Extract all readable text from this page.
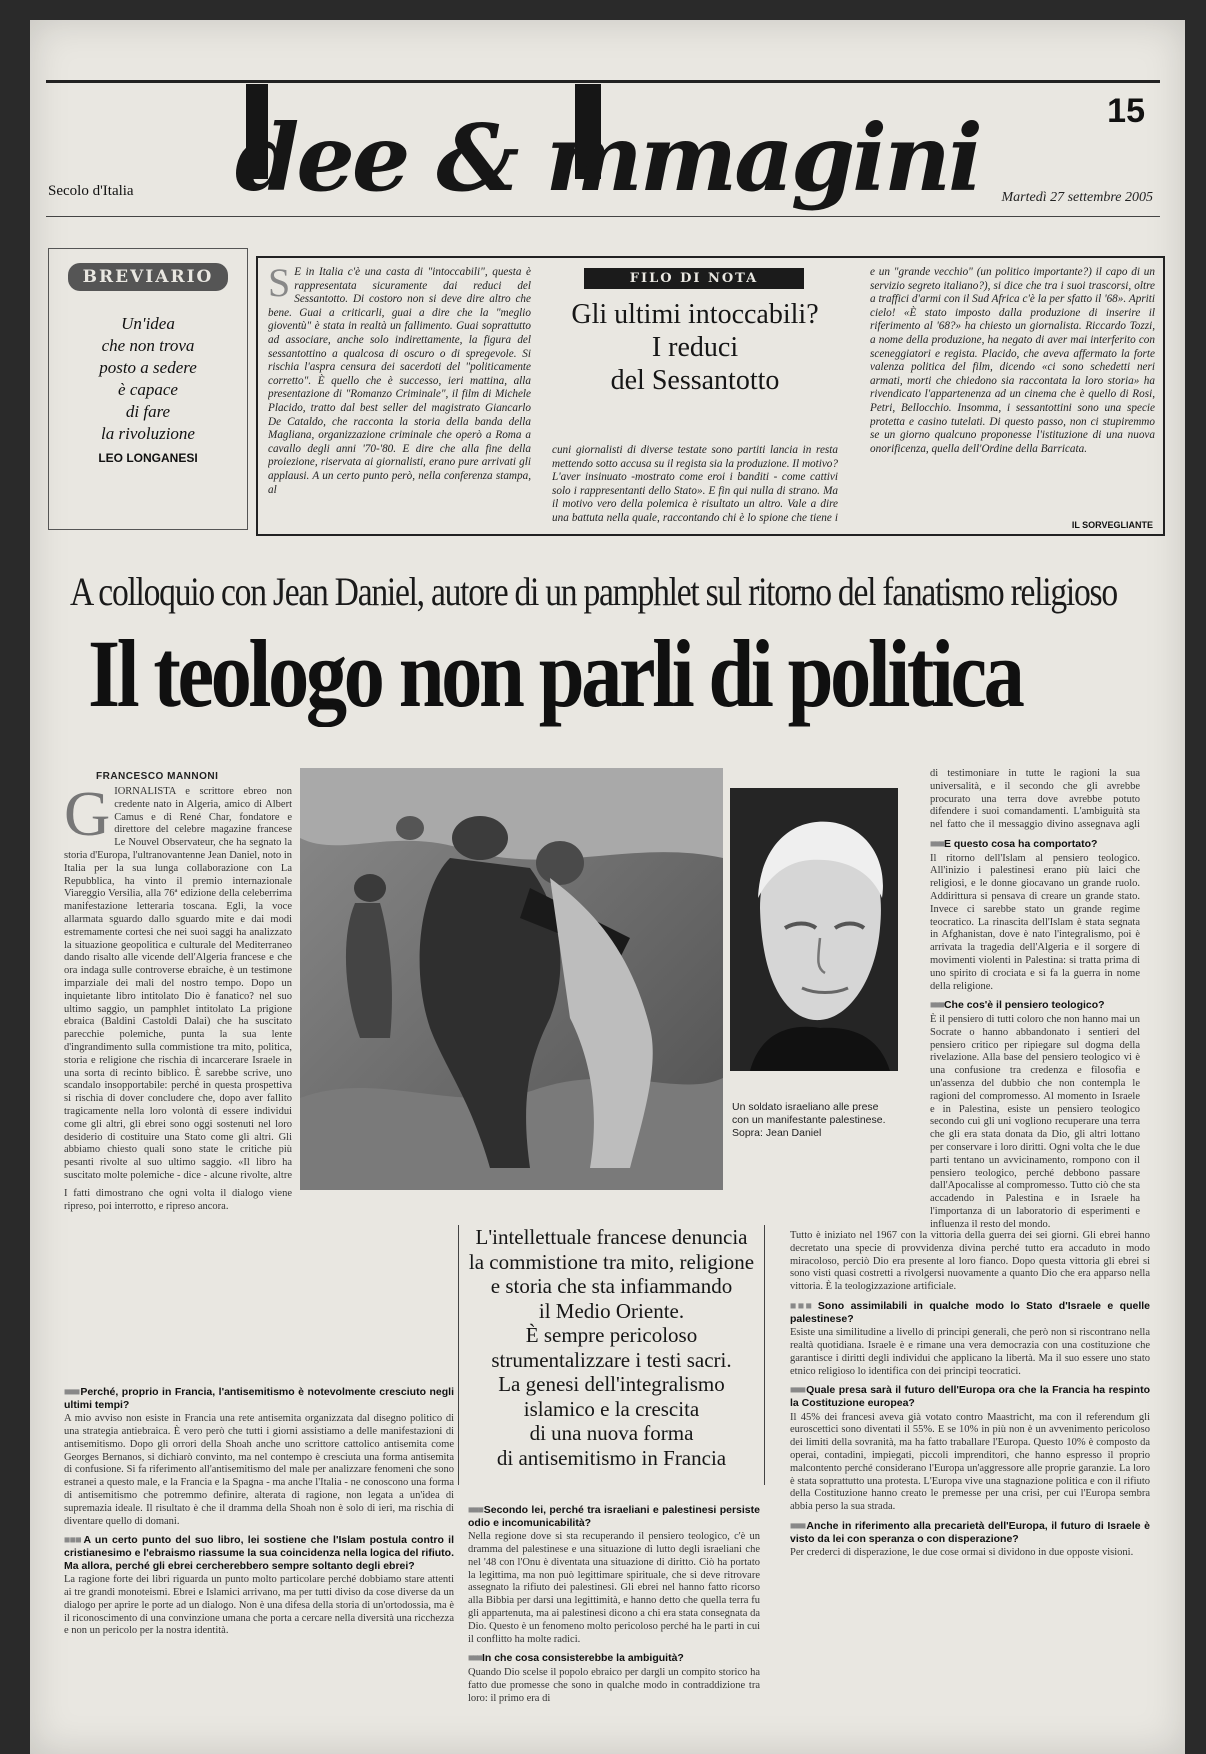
15
dee & mmagini
Secolo d'Italia	Martedì 27 settembre 2005
BREVIARIO
Un'idea
che non trova
posto a sedere
è capace
di fare
la rivoluzione
LEO LONGANESI
S E in Italia c'è una casta di "intoccabili", questa è rappresentata sicuramente dai reduci del Sessantotto. Di costoro non si deve dire altro che bene. Guai a criticarli, guai a dire che la "meglio gioventù" è stata in realtà un fallimento. Guai soprattutto ad associare, anche solo indirettamente, la figura del sessantottino a qualcosa di oscuro o di spregevole. Si rischia l'aspra censura dei sacerdoti del "politicamente corretto". È quello che è successo, ieri mattina, alla presentazione di "Romanzo Criminale", il film di Michele Placido, tratto dal best seller del magistrato Giancarlo De Cataldo, che racconta la storia della banda della Magliana, organizzazione criminale che operò a Roma a cavallo degli anni '70-'80. E dire che alla fine della proiezione, riservata ai giornalisti, erano pure arrivati gli applausi. A un certo punto però, nella conferenza stampa, al
FILO DI NOTA
Gli ultimi intoccabili?
I reduci
del Sessantotto
cuni giornalisti di diverse testate sono partiti lancia in resta mettendo sotto accusa su il regista sia la produzione. Il motivo? L'aver insinuato -mostrato come eroi i banditi - come cattivi solo i rappresentanti dello Stato». E fin qui nulla di strano. Ma il motivo vero della polemica è risultato un altro. Vale a dire una battuta nella quale, raccontando chi è lo spione che tiene i
e un "grande vecchio" (un politico importante?) il capo di un servizio segreto italiano?), si dice che tra i suoi trascorsi, oltre a traffici d'armi con il Sud Africa c'è la per sfatto il '68». Apriti cielo! «È stato imposto dalla produzione di inserire il riferimento al '68?» ha chiesto un giornalista. Riccardo Tozzi, a nome della produzione, ha negato di aver mai interferito con sceneggiatori e regista. Placido, che aveva affermato la forte valenza politica del film, dicendo «ci sono schedetti neri armati, morti che chiedono sia raccontata la loro storia» ha rivendicato l'appartenenza ad un cinema che è quello di Rosi, Petri, Bellocchio. Insomma, i sessantottini sono una specie protetta e casino tutelati. Di questo passo, non ci stupiremmo se un giorno qualcuno proponesse l'istituzione di una nuova onorificenza, quella dell'Ordine della Barricata.
IL SORVEGLIANTE
A colloquio con Jean Daniel, autore di un pamphlet sul ritorno del fanatismo religioso
Il teologo non parli di politica
FRANCESCO MANNONI
G IORNALISTA e scrittore ebreo non credente nato in Algeria, amico di Albert Camus e di René Char, fondatore e direttore del celebre magazine francese Le Nouvel Observateur, che ha segnato la storia d'Europa, l'ultranovantenne Jean Daniel, noto in Italia per la sua lunga collaborazione con La Repubblica, ha vinto il premio internazionale Viareggio Versilia, alla 76ª edizione della celeberrima manifestazione letteraria toscana. Egli, la voce allarmata sguardo dallo sguardo mite e dai modi estremamente cortesi che nei suoi saggi ha analizzato la situazione geopolitica e culturale del Mediterraneo dando risalto alle vicende dell'Algeria francese e che ora indaga sulle controverse ebraiche, è un testimone imparziale dei mali del nostro tempo. Dopo un inquietante libro intitolato Dio è fanatico? nel suo ultimo saggio, un pamphlet intitolato La prigione ebraica (Baldini Castoldi Dalai) che ha suscitato parecchie polemiche, punta la sua lente d'ingrandimento sulla commistione tra mito, politica, storia e religione che rischia di incarcerare Israele in una sorta di recinto biblico. È sarebbe scrive, uno scandalo insopportabile: perché in questa prospettiva si rischia di dover concludere che, dopo aver fallito tragicamente nella loro volontà di essere individui come gli altri, gli ebrei sono oggi sostenuti nel loro desiderio di costituire una Stato come gli altri. Gli abbiamo chiesto quali sono state le critiche più pesanti rivolte al suo ultimo saggio. «Il libro ha suscitato molte polemiche - dice - alcune rivolte, altre
I fatti dimostrano che ogni volta il dialogo viene ripreso, poi interrotto, e ripreso ancora.
■■■ Perché, proprio in Francia, l'antisemitismo è notevolmente cresciuto negli ultimi tempi?
A mio avviso non esiste in Francia una rete antisemita organizzata dal disegno politico di una strategia antiebraica. È vero però che tutti i giorni assistiamo a delle manifestazioni di antisemitismo. Dopo gli orrori della Shoah anche uno scrittore cattolico antisemita come Georges Bernanos, si dichiarò convinto, ma nel contempo è cresciuta una forma antisemita di confusione. Si fa riferimento all'antisemitismo del male per analizzare fenomeni che sono estranei a questo male, e la Francia e la Spagna - ma anche l'Italia - ne conoscono una forma di antisemitismo che potremmo definire, alterata di ragione, non legata a un'idea di supremazia ideale. Il risultato è che il dramma della Shoah non è solo di ieri, ma rischia di diventare quello di domani.
■■■ A un certo punto del suo libro, lei sostiene che l'Islam postula contro il cristianesimo e l'ebraismo riassume la sua coincidenza nella logica del rifiuto. Ma allora, perché gli ebrei cercherebbero sempre soltanto degli ebrei?
La ragione forte dei libri riguarda un punto molto particolare perché dobbiamo stare attenti ai tre grandi monoteismi. Ebrei e Islamici arrivano, ma per tutti diviso da cose diverse da un dialogo per aprire le porte ad un dialogo. Non è una difesa della storia di un'ortodossia, ma è il riconoscimento di una convinzione umana che porta a cercare nella diversità una ricchezza e non un pericolo per la nostra identità.
Un soldato israeliano alle prese
con un manifestante palestinese.
Sopra: Jean Daniel
di testimoniare in tutte le ragioni la sua universalità, e il secondo che gli avrebbe procurato una terra dove avrebbe potuto difendere i suoi comandamenti. L'ambiguità sta nel fatto che il messaggio divino assegnava agli
■■■ E questo cosa ha comportato?
Il ritorno dell'Islam al pensiero teologico. All'inizio i palestinesi erano più laici che religiosi, e le donne giocavano un grande ruolo. Addirittura si pensava di creare un grande stato. Invece ci sarebbe stato un grande regime teocratico. La rinascita dell'Islam è stata segnata in Afghanistan, dove è nato l'integralismo, poi è arrivata la tragedia dell'Algeria e il sorgere di movimenti violenti in Palestina: si tratta prima di uno spirito di crociata e si fa la guerra in nome della religione.
■■■ Che cos'è il pensiero teologico?
È il pensiero di tutti coloro che non hanno mai un Socrate o hanno abbandonato i sentieri del pensiero critico per ripiegare sul dogma della rivelazione. Alla base del pensiero teologico vi è una confusione tra credenza e filosofia e un'assenza del dubbio che non contempla le ragioni del compromesso. Al momento in Israele e in Palestina, esiste un pensiero teologico secondo cui gli uni vogliono recuperare una terra che gli era stata donata da Dio, gli altri lottano per conservare i loro diritti. Ogni volta che le due parti tentano un avvicinamento, rompono con il pensiero teologico, perché debbono passare dall'Apocalisse al compromesso. Tutto ciò che sta accadendo in Palestina e in Israele ha l'importanza di un laboratorio di esperimenti e influenza il resto del mondo.
L'intellettuale francese denuncia
la commistione tra mito, religione
e storia che sta infiammando
il Medio Oriente.
È sempre pericoloso
strumentalizzare i testi sacri.
La genesi dell'integralismo
islamico e la crescita
di una nuova forma
di antisemitismo in Francia
■■■ Secondo lei, perché tra israeliani e palestinesi persiste odio e incomunicabilità?
Nella regione dove si sta recuperando il pensiero teologico, c'è un dramma del palestinese e una situazione di lutto degli israeliani che nel '48 con l'Onu è diventata una situazione di diritto. Ciò ha portato la legittima, ma non può legittimare spirituale, che si deve ritrovare assegnato la rifiuto dei palestinesi. Gli ebrei nel hanno fatto ricorso alla Bibbia per darsi una legittimità, e hanno detto che quella terra fu gli appartenuta, ma ai palestinesi dicono a chi era stata consegnata da Dio. Questo è un fenomeno molto pericoloso perché ha le parti in cui il conflitto ha molte radici.
■■■ In che cosa consisterebbe la ambiguità?
Quando Dio scelse il popolo ebraico per dargli un compito storico ha fatto due promesse che sono in qualche modo in contraddizione tra loro: il primo era di
Tutto è iniziato nel 1967 con la vittoria della guerra dei sei giorni. Gli ebrei hanno decretato una specie di provvidenza divina perché tutto era accaduto in modo miracoloso, perciò Dio era presente al loro fianco. Dopo questa vittoria gli ebrei si sono visti quasi costretti a rivolgersi nuovamente a quanto Dio che era apparso nella vittoria. È la teologizzazione artificiale.
■■■ Sono assimilabili in qualche modo lo Stato d'Israele e quelle palestinese?
Esiste una similitudine a livello di principi generali, che però non si riscontrano nella realtà quotidiana. Israele è e rimane una vera democrazia con una costituzione che garantisce i diritti degli individui che applicano la libertà. Ma il suo essere uno stato etnico religioso lo identifica con dei principi teocratici.
■■■ Quale presa sarà il futuro dell'Europa ora che la Francia ha respinto la Costituzione europea?
Il 45% dei francesi aveva già votato contro Maastricht, ma con il referendum gli euroscettici sono diventati il 55%. E se 10% in più non è un avvenimento pericoloso dei limiti della sovranità, ma ha fatto traballare l'Europa. Questo 10% è composto da operai, contadini, impiegati, piccoli imprenditori, che hanno espresso il proprio malcontento perché considerano l'Europa un'aggressore alle proprie garanzie. La loro è stata soprattutto una protesta. L'Europa vive una stagnazione politica e con il rifiuto della Costituzione hanno creato le premesse per una crisi, per cui l'Europa sembra abbia perso la sua strada.
■■■ Anche in riferimento alla precarietà dell'Europa, il futuro di Israele è visto da lei con speranza o con disperazione?
Per crederci di disperazione, le due cose ormai si dividono in due opposte visioni.
